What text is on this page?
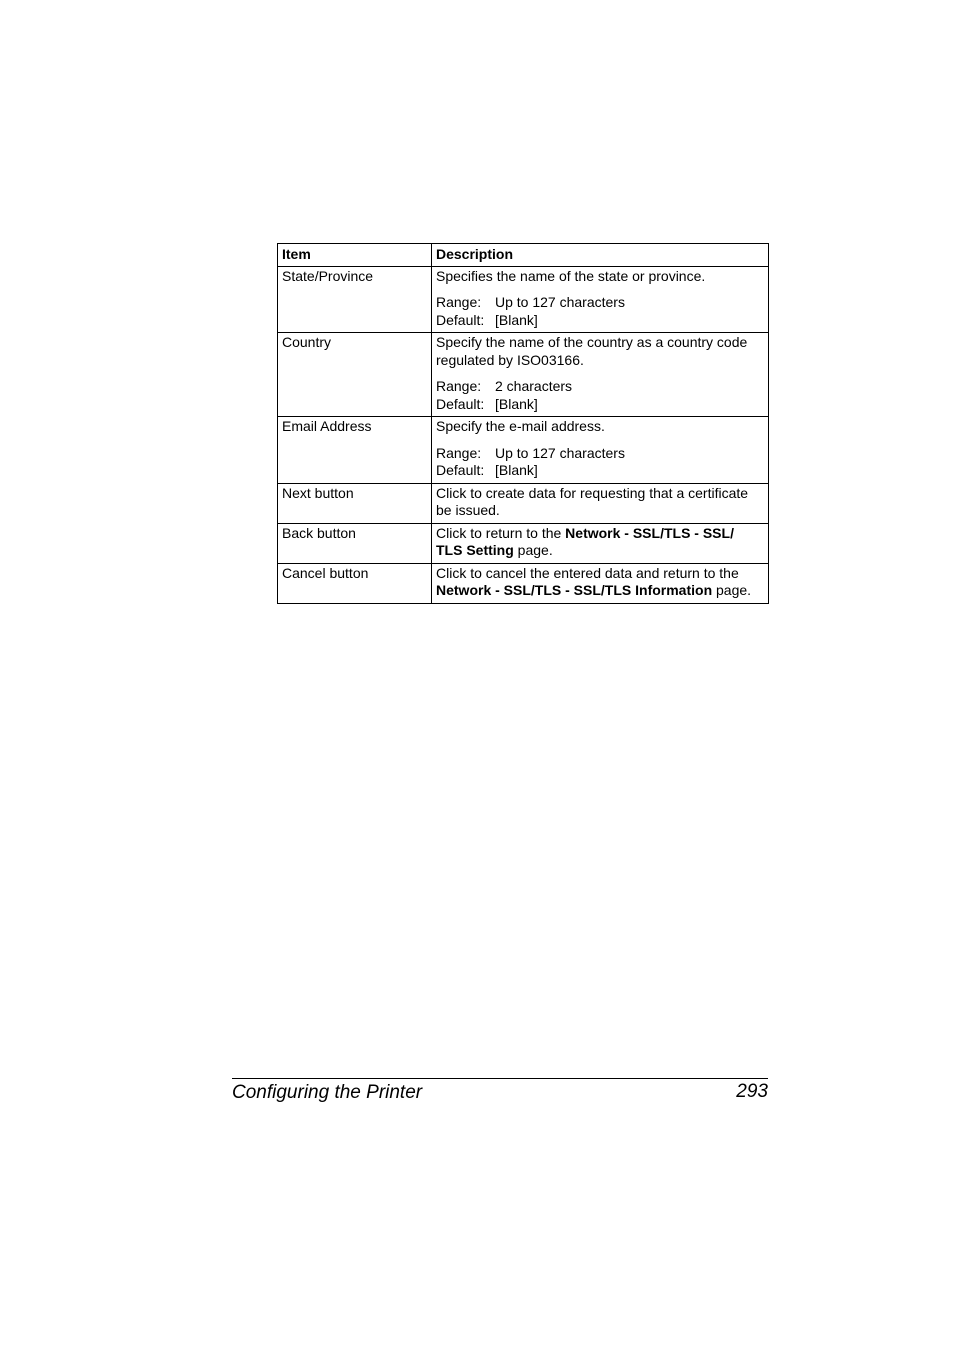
Item	Description
State/Province	Specifies the name of the state or province.

Range: Up to 127 characters
Default: [Blank]

Country	Specify the name of the country as a country code regulated by ISO03166.

Range: 2 characters
Default: [Blank]

Email Address	Specify the e-mail address.

Range: Up to 127 characters
Default: [Blank]

Next button	Click to create data for requesting that a certificate be issued.

Back button	Click to return to the Network - SSL/TLS - SSL/ TLS Setting page.

Cancel button	Click to cancel the entered data and return to the Network - SSL/TLS - SSL/TLS Information page.

Configuring the Printer	293
